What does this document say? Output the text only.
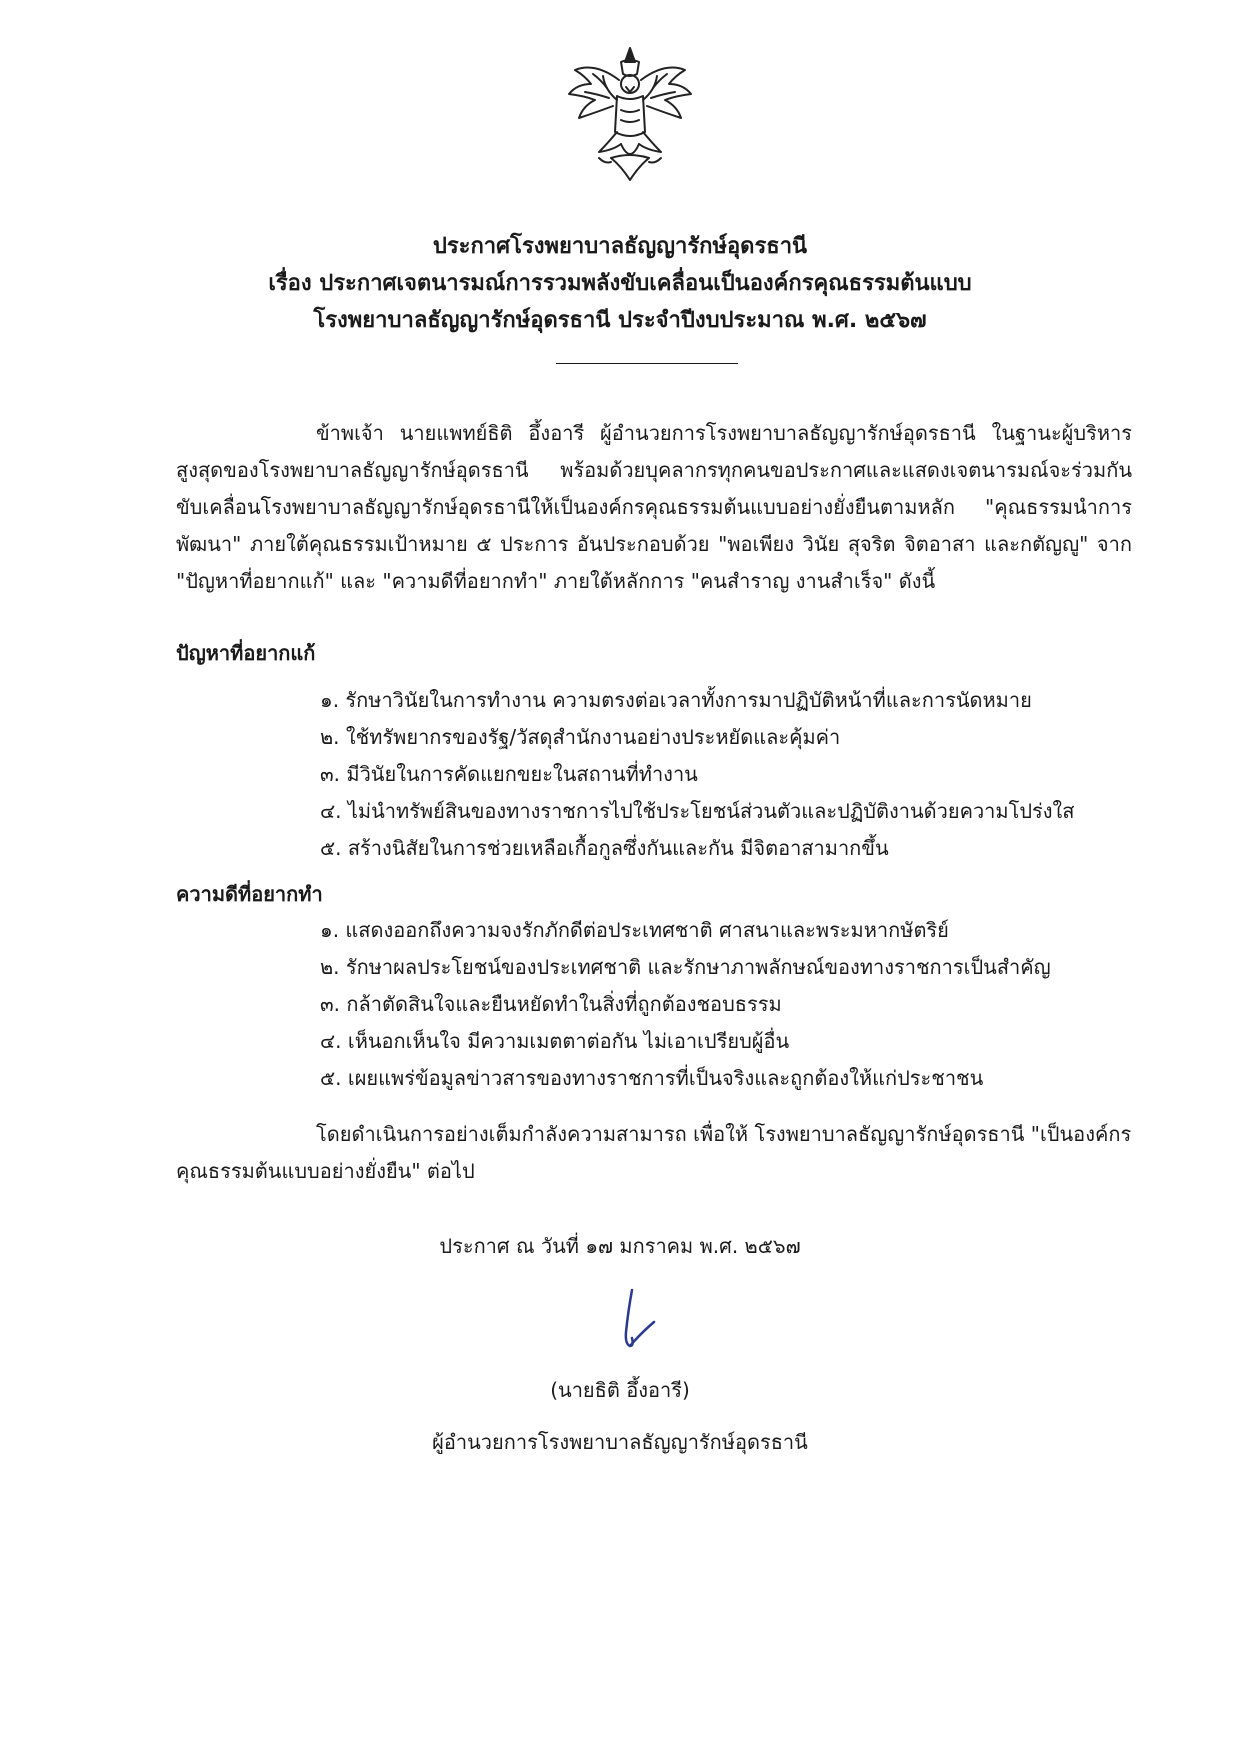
ประกาศโรงพยาบาลธัญญารักษ์อุดรธานี
เรื่อง ประกาศเจตนารมณ์การรวมพลังขับเคลื่อนเป็นองค์กรคุณธรรมต้นแบบ
โรงพยาบาลธัญญารักษ์อุดรธานี ประจำปีงบประมาณ พ.ศ. ๒๕๖๗
ข้าพเจ้า นายแพทย์ธิติ อึ้งอารี ผู้อำนวยการโรงพยาบาลธัญญารักษ์อุดรธานี ในฐานะผู้บริหารสูงสุดของโรงพยาบาลธัญญารักษ์อุดรธานี พร้อมด้วยบุคลากรทุกคนขอประกาศและแสดงเจตนารมณ์จะร่วมกันขับเคลื่อนโรงพยาบาลธัญญารักษ์อุดรธานีให้เป็นองค์กรคุณธรรมต้นแบบอย่างยั่งยืนตามหลัก "คุณธรรมนำการพัฒนา" ภายใต้คุณธรรมเป้าหมาย ๕ ประการ อันประกอบด้วย "พอเพียง วินัย สุจริต จิตอาสา และกตัญญู" จาก "ปัญหาที่อยากแก้" และ "ความดีที่อยากทำ" ภายใต้หลักการ "คนสำราญ งานสำเร็จ" ดังนี้
ปัญหาที่อยากแก้
๑. รักษาวินัยในการทำงาน ความตรงต่อเวลาทั้งการมาปฏิบัติหน้าที่และการนัดหมาย
๒. ใช้ทรัพยากรของรัฐ/วัสดุสำนักงานอย่างประหยัดและคุ้มค่า
๓. มีวินัยในการคัดแยกขยะในสถานที่ทำงาน
๔. ไม่นำทรัพย์สินของทางราชการไปใช้ประโยชน์ส่วนตัวและปฏิบัติงานด้วยความโปร่งใส
๕. สร้างนิสัยในการช่วยเหลือเกื้อกูลซึ่งกันและกัน มีจิตอาสามากขึ้น
ความดีที่อยากทำ
๑. แสดงออกถึงความจงรักภักดีต่อประเทศชาติ ศาสนาและพระมหากษัตริย์
๒. รักษาผลประโยชน์ของประเทศชาติ และรักษาภาพลักษณ์ของทางราชการเป็นสำคัญ
๓. กล้าตัดสินใจและยืนหยัดทำในสิ่งที่ถูกต้องชอบธรรม
๔. เห็นอกเห็นใจ มีความเมตตาต่อกัน ไม่เอาเปรียบผู้อื่น
๕. เผยแพร่ข้อมูลข่าวสารของทางราชการที่เป็นจริงและถูกต้องให้แก่ประชาชน
โดยดำเนินการอย่างเต็มกำลังความสามารถ เพื่อให้ โรงพยาบาลธัญญารักษ์อุดรธานี "เป็นองค์กรคุณธรรมต้นแบบอย่างยั่งยืน" ต่อไป
ประกาศ ณ วันที่ ๑๗ มกราคม พ.ศ. ๒๕๖๗
(นายธิติ อึ้งอารี)
ผู้อำนวยการโรงพยาบาลธัญญารักษ์อุดรธานี
